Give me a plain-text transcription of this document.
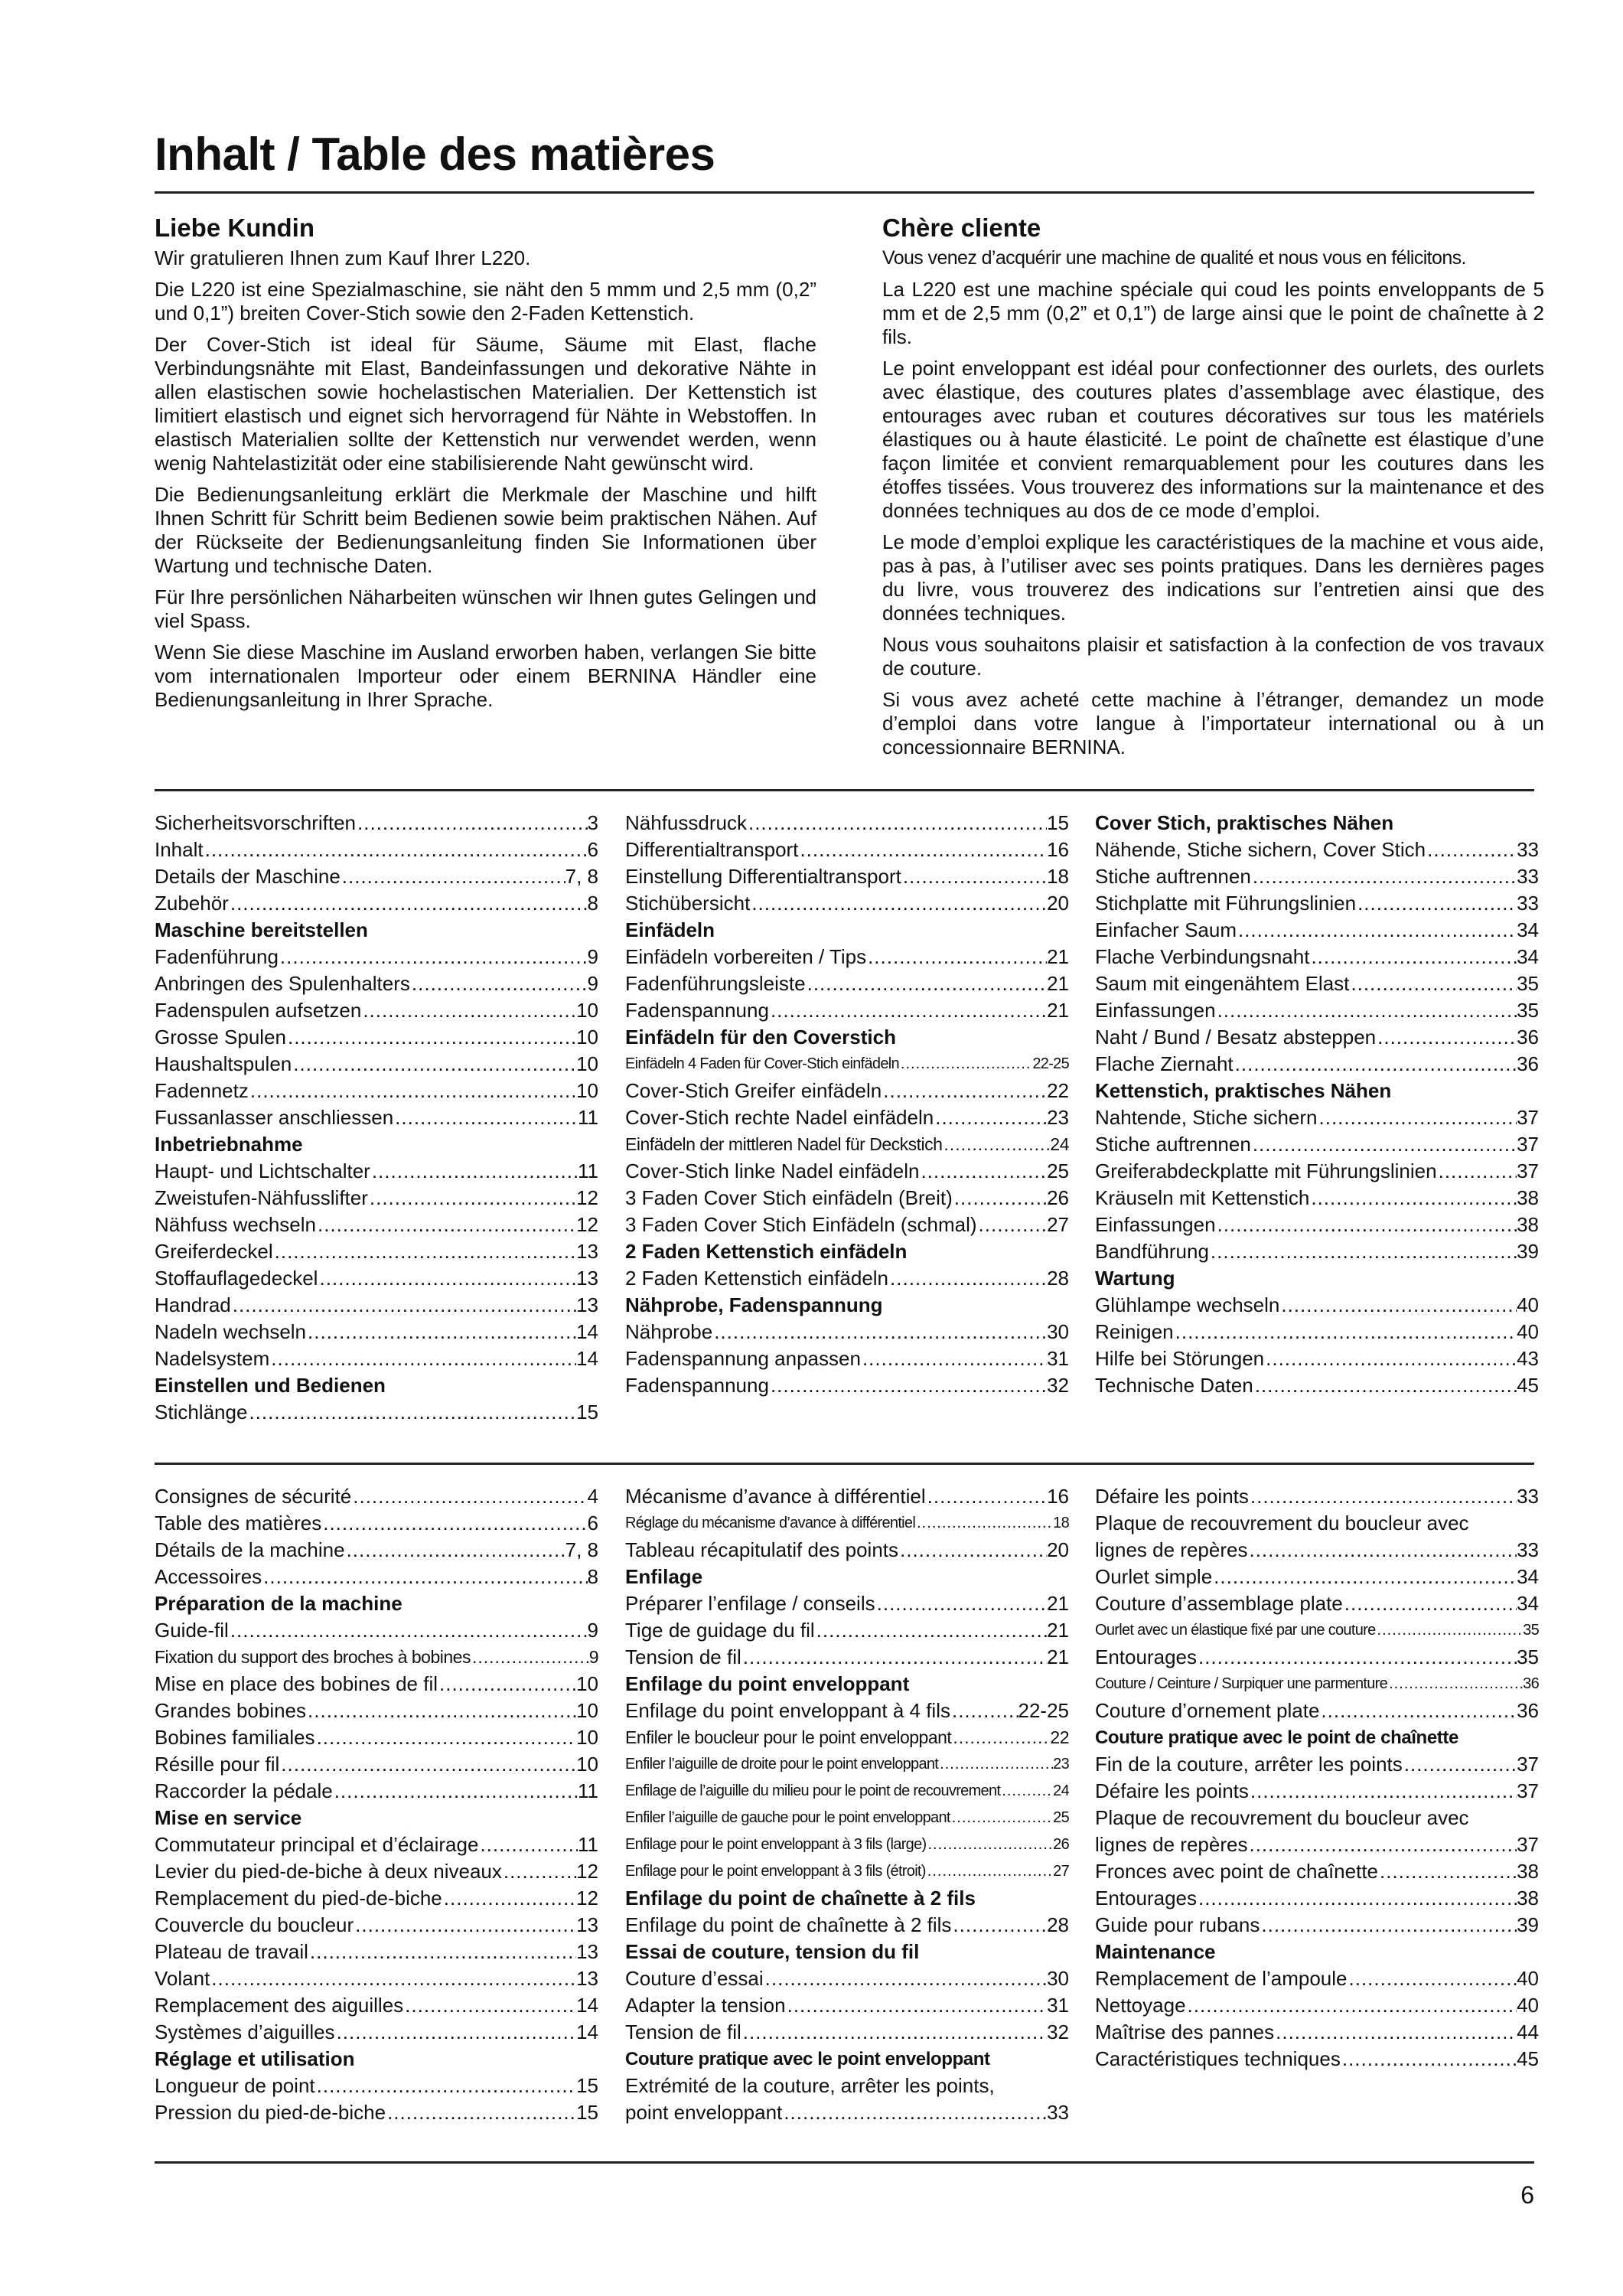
Inhalt / Table des matières
Liebe Kundin

Wir gratulieren Ihnen zum Kauf Ihrer L220.

Die L220 ist eine Spezialmaschine, sie näht den 5 mmm und 2,5 mm (0,2” und 0,1”) breiten Cover-Stich sowie den 2-Faden Kettenstich.

Der Cover-Stich ist ideal für Säume, Säume mit Elast, flache Verbindungsnähte mit Elast, Bandeinfassungen und dekorative Nähte in allen elastischen sowie hochelastischen Materialien. Der Kettenstich ist limitiert elastisch und eignet sich hervorragend für Nähte in Webstoffen. In elastisch Materialien sollte der Kettenstich nur verwendet werden, wenn wenig Nahtelastizität oder eine stabilisierende Naht gewünscht wird.

Die Bedienungsanleitung erklärt die Merkmale der Maschine und hilft Ihnen Schritt für Schritt beim Bedienen sowie beim praktischen Nähen. Auf der Rückseite der Bedienungsanleitung finden Sie Informationen über Wartung und technische Daten.

Für Ihre persönlichen Näharbeiten wünschen wir Ihnen gutes Gelingen und viel Spass.

Wenn Sie diese Maschine im Ausland erworben haben, verlangen Sie bitte vom internationalen Importeur oder einem BERNINA Händler eine Bedienungsanleitung in Ihrer Sprache.

Chère cliente

Vous venez d’acquérir une machine de qualité et nous vous en félicitons.

La L220 est une machine spéciale qui coud les points enveloppants de 5 mm et de 2,5 mm (0,2” et 0,1”) de large ainsi que le point de chaînette à 2 fils.

Le point enveloppant est idéal pour confectionner des ourlets, des ourlets avec élastique, des coutures plates d’assemblage avec élastique, des entourages avec ruban et coutures décoratives sur tous les matériels élastiques ou à haute élasticité. Le point de chaînette est élastique d’une façon limitée et convient remarquablement pour les coutures dans les étoffes tissées. Vous trouverez des informations sur la maintenance et des données techniques au dos de ce mode d’emploi.

Le mode d’emploi explique les caractéristiques de la machine et vous aide, pas à pas, à l’utiliser avec ses points pratiques. Dans les dernières pages du livre, vous trouverez des indications sur l’entretien ainsi que des données techniques.

Nous vous souhaitons plaisir et satisfaction à la confection de vos travaux de couture.

Si vous avez acheté cette machine à l’étranger, demandez un mode d’emploi dans votre langue à l’importateur international ou à un concessionnaire BERNINA.

Sicherheitsvorschriften .....	3
Inhalt .....	6
Details der Maschine .....	7, 8
Zubehör .....	8
Maschine bereitstellen
Fadenführung .....	9
Anbringen des Spulenhalters .....	9
Fadenspulen aufsetzen .....	10
Grosse Spulen .....	10
Haushaltspulen .....	10
Fadennetz .....	10
Fussanlasser anschliessen .....	11
Inbetriebnahme
Haupt- und Lichtschalter .....	11
Zweistufen-Nähfusslifter .....	12
Nähfuss wechseln .....	12
Greiferdeckel .....	13
Stoffauflagedeckel .....	13
Handrad .....	13
Nadeln wechseln .....	14
Nadelsystem .....	14
Einstellen und Bedienen
Stichlänge .....	15
Nähfussdruck .....	15
Differentialtransport .....	16
Einstellung Differentialtransport .....	18
Stichübersicht .....	20
Einfädeln
Einfädeln vorbereiten / Tips .....	21
Fadenführungsleiste .....	21
Fadenspannung .....	21
Einfädeln für den Coverstich
Einfädeln 4 Faden für Cover-Stich einfädeln .....	22-25
Cover-Stich Greifer einfädeln .....	22
Cover-Stich rechte Nadel einfädeln .....	23
Einfädeln der mittleren Nadel für Deckstich .....	24
Cover-Stich linke Nadel einfädeln .....	25
3 Faden Cover Stich einfädeln (Breit) .....	26
3 Faden Cover Stich Einfädeln (schmal) .....	27
2 Faden Kettenstich einfädeln
2 Faden Kettenstich einfädeln .....	28
Nähprobe, Fadenspannung
Nähprobe .....	30
Fadenspannung anpassen .....	31
Fadenspannung .....	32
Cover Stich, praktisches Nähen
Nähende, Stiche sichern, Cover Stich .....	33
Stiche auftrennen .....	33
Stichplatte mit Führungslinien .....	33
Einfacher Saum .....	34
Flache Verbindungsnaht .....	34
Saum mit eingenähtem Elast .....	35
Einfassungen .....	35
Naht / Bund / Besatz absteppen .....	36
Flache Ziernaht .....	36
Kettenstich, praktisches Nähen
Nahtende, Stiche sichern .....	37
Stiche auftrennen .....	37
Greiferabdeckplatte mit Führungslinien .....	37
Kräuseln mit Kettenstich .....	38
Einfassungen .....	38
Bandführung .....	39
Wartung
Glühlampe wechseln .....	40
Reinigen .....	40
Hilfe bei Störungen .....	43
Technische Daten .....	45
Consignes de sécurité .....	4
Table des matières .....	6
Détails de la machine .....	7, 8
Accessoires .....	8
Préparation de la machine
Guide-fil .....	9
Fixation du support des broches à bobines .....	9
Mise en place des bobines de fil .....	10
Grandes bobines .....	10
Bobines familiales .....	10
Résille pour fil .....	10
Raccorder la pédale .....	11
Mise en service
Commutateur principal et d’éclairage .....	11
Levier du pied-de-biche à deux niveaux .....	12
Remplacement du pied-de-biche .....	12
Couvercle du boucleur .....	13
Plateau de travail .....	13
Volant .....	13
Remplacement des aiguilles .....	14
Systèmes d’aiguilles .....	14
Réglage et utilisation
Longueur de point .....	15
Pression du pied-de-biche .....	15
Mécanisme d’avance à différentiel .....	16
Réglage du mécanisme d’avance à différentiel .....	18
Tableau récapitulatif des points .....	20
Enfilage
Préparer l’enfilage / conseils .....	21
Tige de guidage du fil .....	21
Tension de fil .....	21
Enfilage du point enveloppant
Enfilage du point enveloppant à 4 fils .....	22-25
Enfiler le boucleur pour le point enveloppant .....	22
Enfiler l’aiguille de droite pour le point enveloppant .....	23
Enfilage de l’aiguille du milieu pour le point de recouvrement .....	24
Enfiler l’aiguille de gauche pour le point enveloppant .....	25
Enfilage pour le point enveloppant à 3 fils (large) .....	26
Enfilage pour le point enveloppant à 3 fils (étroit) .....	27
Enfilage du point de chaînette à 2 fils
Enfilage du point de chaînette à 2 fils .....	28
Essai de couture, tension du fil
Couture d’essai .....	30
Adapter la tension .....	31
Tension de fil .....	32
Couture pratique avec le point enveloppant
Extrémité de la couture, arrêter les points,
point enveloppant .....	33
Défaire les points .....	33
Plaque de recouvrement du boucleur avec
lignes de repères .....	33
Ourlet simple .....	34
Couture d’assemblage plate .....	34
Ourlet avec un élastique fixé par une couture .....	35
Entourages .....	35
Couture / Ceinture / Surpiquer une parmenture .....	36
Couture d’ornement plate .....	36
Couture pratique avec le point de chaînette
Fin de la couture, arrêter les points .....	37
Défaire les points .....	37
Plaque de recouvrement du boucleur avec
lignes de repères .....	37
Fronces avec point de chaînette .....	38
Entourages .....	38
Guide pour rubans .....	39
Maintenance
Remplacement de l’ampoule .....	40
Nettoyage .....	40
Maîtrise des pannes .....	44
Caractéristiques techniques .....	45
6
